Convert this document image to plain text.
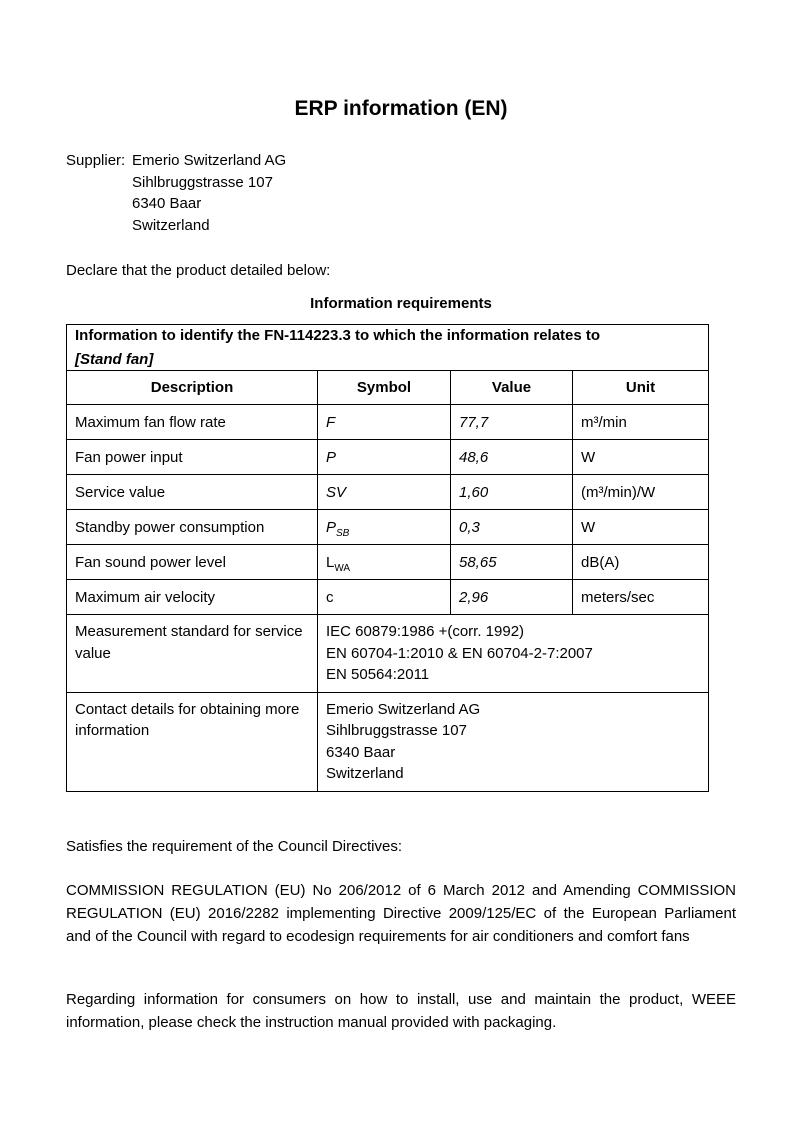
ERP information (EN)
Supplier: Emerio Switzerland AG
Sihlbruggstrasse 107
6340 Baar
Switzerland

Declare that the product detailed below:

Information requirements

Information to identify the FN-114223.3 to which the information relates to
[Stand fan]			

Description	Symbol	Value	Unit
Maximum fan flow rate	F	77,7	m³/min
Fan power input	P	48,6	W
Service value	SV	1,60	(m³/min)/W
Standby power consumption	$P_{SB}$	0,3	W
Fan sound power level	$L_{WA}$	58,65	dB(A)
Maximum air velocity	c	2,96	meters/sec

Measurement standard for service value	IEC 60879:1986 +(corr. 1992)
EN 60704-1:2010 & EN 60704-2-7:2007
EN 50564:2011		

Contact details for obtaining more information	Emerio Switzerland AG
Sihlbruggstrasse 107
6340 Baar
Switzerland		

Satisfies the requirement of the Council Directives:

COMMISSION REGULATION (EU) No 206/2012 of 6 March 2012 and Amending COMMISSION REGULATION (EU) 2016/2282 implementing Directive 2009/125/EC of the European Parliament and of the Council with regard to ecodesign requirements for air conditioners and comfort fans

Regarding information for consumers on how to install, use and maintain the product, WEEE information, please check the instruction manual provided with packaging.
